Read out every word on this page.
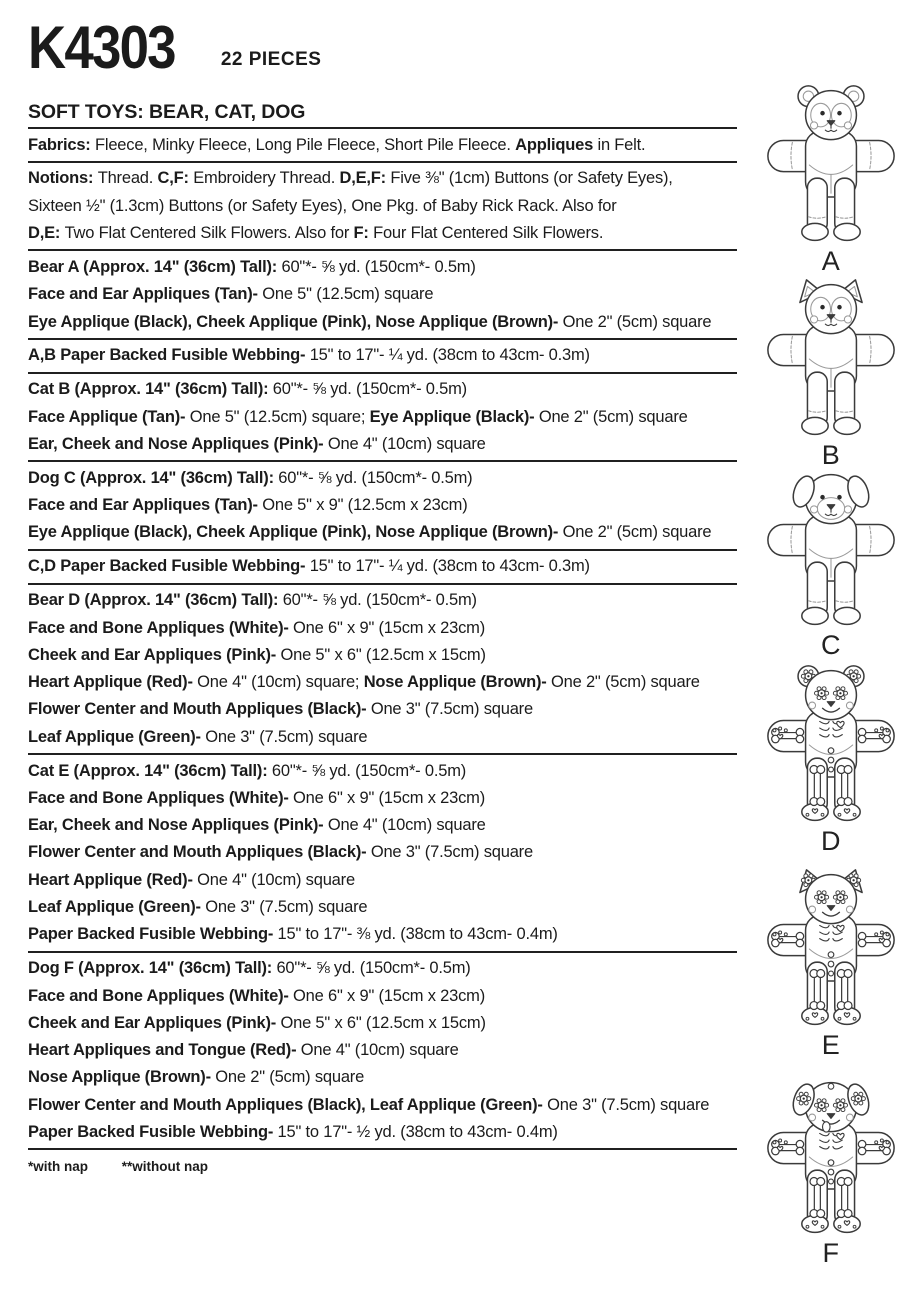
K4303 22 PIECES
SOFT TOYS: BEAR, CAT, DOG
Fabrics: Fleece, Minky Fleece, Long Pile Fleece, Short Pile Fleece. Appliques in Felt.
Notions: Thread. C,F: Embroidery Thread. D,E,F: Five ⅜" (1cm) Buttons (or Safety Eyes),
Sixteen ½" (1.3cm) Buttons (or Safety Eyes), One Pkg. of Baby Rick Rack. Also for
D,E: Two Flat Centered Silk Flowers. Also for F: Four Flat Centered Silk Flowers.
Bear A (Approx. 14" (36cm) Tall): 60"*- ⅝ yd. (150cm*- 0.5m)
Face and Ear Appliques (Tan)- One 5" (12.5cm) square
Eye Applique (Black), Cheek Applique (Pink), Nose Applique (Brown)- One 2" (5cm) square
A,B Paper Backed Fusible Webbing- 15" to 17"- ¼ yd. (38cm to 43cm- 0.3m)
Cat B (Approx. 14" (36cm) Tall): 60"*- ⅝ yd. (150cm*- 0.5m)
Face Applique (Tan)- One 5" (12.5cm) square; Eye Applique (Black)- One 2" (5cm) square
Ear, Cheek and Nose Appliques (Pink)- One 4" (10cm) square
Dog C (Approx. 14" (36cm) Tall): 60"*- ⅝ yd. (150cm*- 0.5m)
Face and Ear Appliques (Tan)- One 5" x 9" (12.5cm x 23cm)
Eye Applique (Black), Cheek Applique (Pink), Nose Applique (Brown)- One 2" (5cm) square
C,D Paper Backed Fusible Webbing- 15" to 17"- ¼ yd. (38cm to 43cm- 0.3m)
Bear D (Approx. 14" (36cm) Tall): 60"*- ⅝ yd. (150cm*- 0.5m)
Face and Bone Appliques (White)- One 6" x 9" (15cm x 23cm)
Cheek and Ear Appliques (Pink)- One 5" x 6" (12.5cm x 15cm)
Heart Applique (Red)- One 4" (10cm) square; Nose Applique (Brown)- One 2" (5cm) square
Flower Center and Mouth Appliques (Black)- One 3" (7.5cm) square
Leaf Applique (Green)- One 3" (7.5cm) square
Cat E (Approx. 14" (36cm) Tall): 60"*- ⅝ yd. (150cm*- 0.5m)
Face and Bone Appliques (White)- One 6" x 9" (15cm x 23cm)
Ear, Cheek and Nose Appliques (Pink)- One 4" (10cm) square
Flower Center and Mouth Appliques (Black)- One 3" (7.5cm) square
Heart Applique (Red)- One 4" (10cm) square
Leaf Applique (Green)- One 3" (7.5cm) square
Paper Backed Fusible Webbing- 15" to 17"- ⅜ yd. (38cm to 43cm- 0.4m)
Dog F (Approx. 14" (36cm) Tall): 60"*- ⅝ yd. (150cm*- 0.5m)
Face and Bone Appliques (White)- One 6" x 9" (15cm x 23cm)
Cheek and Ear Appliques (Pink)- One 5" x 6" (12.5cm x 15cm)
Heart Appliques and Tongue (Red)- One 4" (10cm) square
Nose Applique (Brown)- One 2" (5cm) square
Flower Center and Mouth Appliques (Black), Leaf Applique (Green)- One 3" (7.5cm) square
Paper Backed Fusible Webbing- 15" to 17"- ½ yd. (38cm to 43cm- 0.4m)
*with nap	**without nap
A
B
C
D
E
F
